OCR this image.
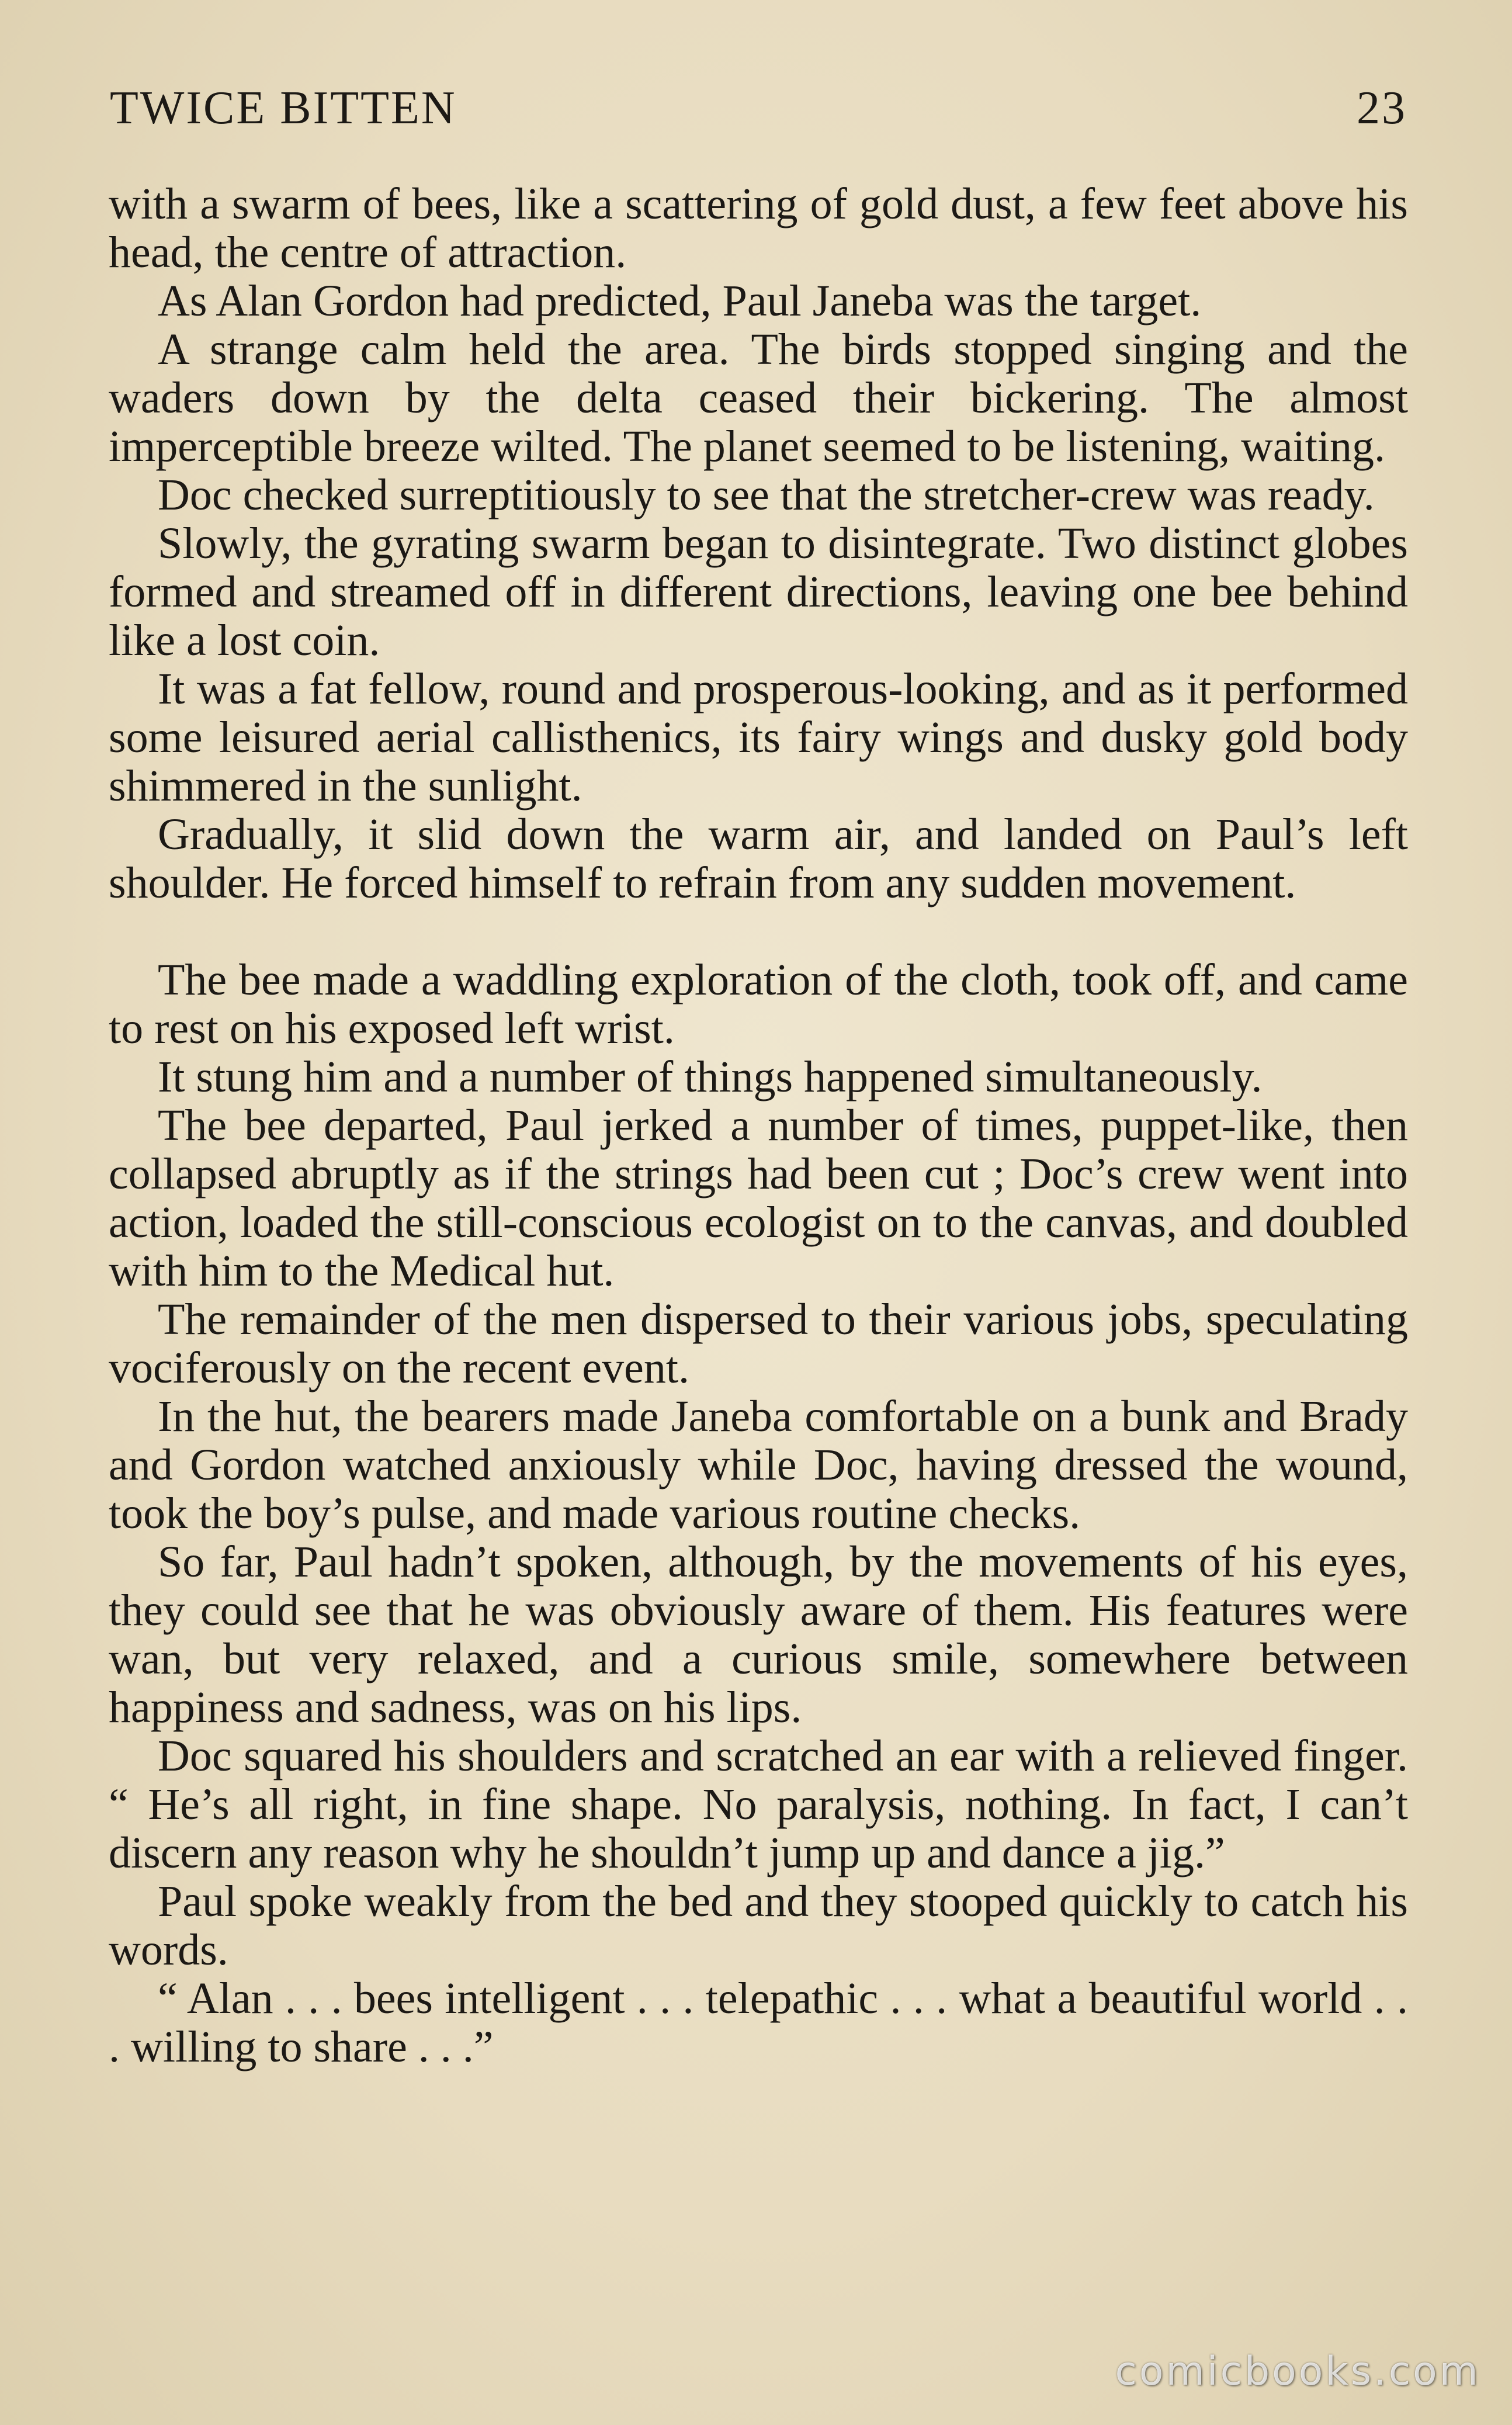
TWICE BITTEN	23

with a swarm of bees, like a scattering of gold dust, a few feet above his head, the centre of attraction.

As Alan Gordon had predicted, Paul Janeba was the target.

A strange calm held the area. The birds stopped singing and the waders down by the delta ceased their bickering. The almost imperceptible breeze wilted. The planet seemed to be listening, waiting.

Doc checked surreptitiously to see that the stretcher-crew was ready.

Slowly, the gyrating swarm began to disintegrate. Two distinct globes formed and streamed off in different directions, leaving one bee behind like a lost coin.

It was a fat fellow, round and prosperous-looking, and as it performed some leisured aerial callisthenics, its fairy wings and dusky gold body shimmered in the sunlight.

Gradually, it slid down the warm air, and landed on Paul’s left shoulder. He forced himself to refrain from any sudden movement.

The bee made a waddling exploration of the cloth, took off, and came to rest on his exposed left wrist.

It stung him and a number of things happened simultaneously.

The bee departed, Paul jerked a number of times, puppet-like, then collapsed abruptly as if the strings had been cut ; Doc’s crew went into action, loaded the still-conscious ecologist on to the canvas, and doubled with him to the Medical hut.

The remainder of the men dispersed to their various jobs, speculating vociferously on the recent event.

In the hut, the bearers made Janeba comfortable on a bunk and Brady and Gordon watched anxiously while Doc, having dressed the wound, took the boy’s pulse, and made various routine checks.

So far, Paul hadn’t spoken, although, by the movements of his eyes, they could see that he was obviously aware of them. His features were wan, but very relaxed, and a curious smile, somewhere between happiness and sadness, was on his lips.

Doc squared his shoulders and scratched an ear with a relieved finger. “ He’s all right, in fine shape. No paralysis, nothing. In fact, I can’t discern any reason why he shouldn’t jump up and dance a jig.”

Paul spoke weakly from the bed and they stooped quickly to catch his words.

“ Alan . . . bees intelligent . . . telepathic . . . what a beautiful world . . . willing to share . . .”

comicbooks.com
